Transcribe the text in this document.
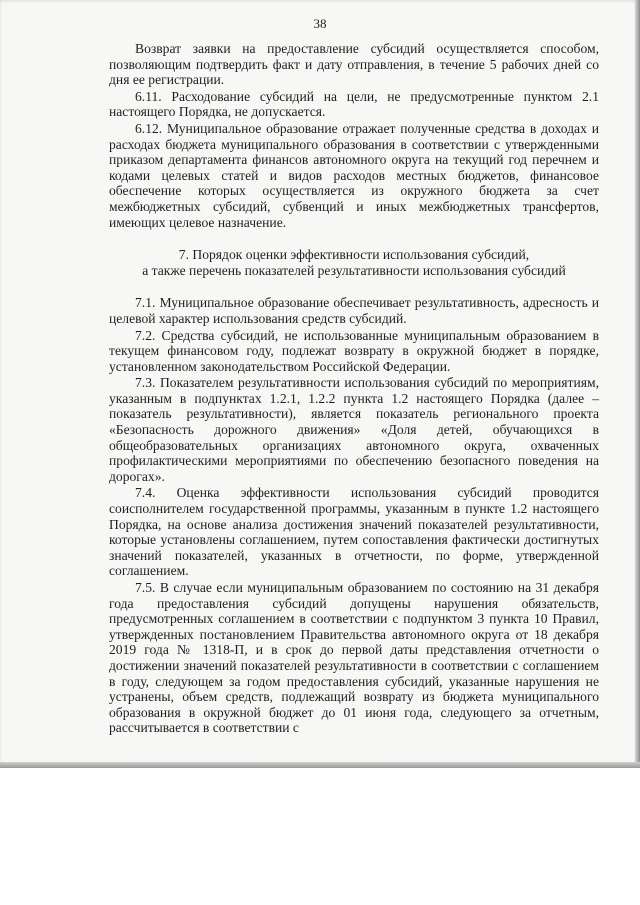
38

Возврат заявки на предоставление субсидий осуществляется способом, позволяющим подтвердить факт и дату отправления, в течение 5 рабочих дней со дня ее регистрации.

6.11. Расходование субсидий на цели, не предусмотренные пунктом 2.1 настоящего Порядка, не допускается.

6.12. Муниципальное образование отражает полученные средства в доходах и расходах бюджета муниципального образования в соответствии с утвержденными приказом департамента финансов автономного округа на текущий год перечнем и кодами целевых статей и видов расходов местных бюджетов, финансовое обеспечение которых осуществляется из окружного бюджета за счет межбюджетных субсидий, субвенций и иных межбюджетных трансфертов, имеющих целевое назначение.

7. Порядок оценки эффективности использования субсидий,
а также перечень показателей результативности использования субсидий

7.1. Муниципальное образование обеспечивает результативность, адресность и целевой характер использования средств субсидий.

7.2. Средства субсидий, не использованные муниципальным образованием в текущем финансовом году, подлежат возврату в окружной бюджет в порядке, установленном законодательством Российской Федерации.

7.3. Показателем результативности использования субсидий по мероприятиям, указанным в подпунктах 1.2.1, 1.2.2 пункта 1.2 настоящего Порядка (далее – показатель результативности), является показатель регионального проекта «Безопасность дорожного движения» «Доля детей, обучающихся в общеобразовательных организациях автономного округа, охваченных профилактическими мероприятиями по обеспечению безопасного поведения на дорогах».

7.4. Оценка эффективности использования субсидий проводится соисполнителем государственной программы, указанным в пункте 1.2 настоящего Порядка, на основе анализа достижения значений показателей результативности, которые установлены соглашением, путем сопоставления фактически достигнутых значений показателей, указанных в отчетности, по форме, утвержденной соглашением.

7.5. В случае если муниципальным образованием по состоянию на 31 декабря года предоставления субсидий допущены нарушения обязательств, предусмотренных соглашением в соответствии с подпунктом 3 пункта 10 Правил, утвержденных постановлением Правительства автономного округа от 18 декабря 2019 года № 1318-П, и в срок до первой даты представления отчетности о достижении значений показателей результативности в соответствии с соглашением в году, следующем за годом предоставления субсидий, указанные нарушения не устранены, объем средств, подлежащий возврату из бюджета муниципального образования в окружной бюджет до 01 июня года, следующего за отчетным, рассчитывается в соответствии с
